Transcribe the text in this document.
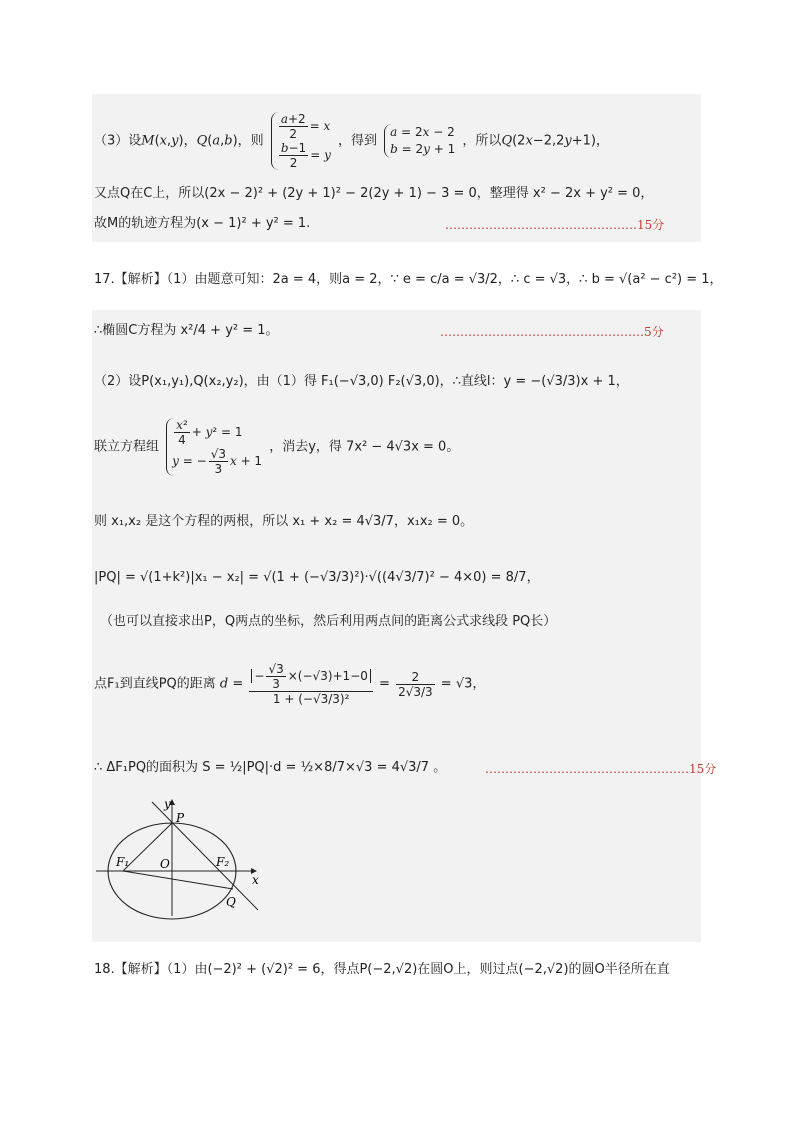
（3）设M(x,y)，Q(a,b)，则 $\frac{a+2}{2} = x$
$\frac{b-1}{2} = y$
，得到
a = 2x − 2
b = 2y + 1
，所以Q(2x−2,2y+1)，
又点Q在C上，所以(2x − 2)² + (2y + 1)² − 2(2y + 1) − 3 = 0，整理得 x² − 2x + y² = 0，
故M的轨迹方程为(x − 1)² + y² = 1.	…………………………………………15分
17.【解析】（1）由题意可知：2a = 4，则a = 2，∵ e = c/a = √3/2，∴ c = √3，∴ b = √(a² − c²) = 1，
∴椭圆C方程为 x²/4 + y² = 1。	……………………………………………5分
（2）设P(x₁,y₁),Q(x₂,y₂)，由（1）得 F₁(−√3,0) F₂(√3,0)，∴直线l：y = −(√3/3)x + 1，
联立方程组 $\frac{\text{x²}}{4} + y^2 = 1$
y = − $\frac{√3}{3}$ x + 1
，消去y，得 7x² − 4√3x = 0。
则 x₁,x₂ 是这个方程的两根，所以 x₁ + x₂ = 4√3/7，x₁x₂ = 0。
|PQ| = √(1+k²)|x₁ − x₂| = √(1 + (−√3/3)²)·√((4√3/7)² − 4×0) = 8/7，
（也可以直接求出P，Q两点的坐标，然后利用两点间的距离公式求线段 PQ长）
点F₁到直线PQ的距离 $d = \frac{- \frac{√3}{3} \times(-√3)+1-0}{\text{1 + (−√3/3)²}} = \frac{2}{2√3/3} = √3$，
∴ ΔF₁PQ的面积为 S = ½|PQ|·d = ½×8/7×√3 = 4√3/7 。	……………………………………………15分
y
x
P
O
F₁	F₂
Q
18.【解析】（1）由(−2)² + (√2)² = 6，得点P(−2,√2)在圆O上，则过点(−2,√2)的圆O半径所在直
